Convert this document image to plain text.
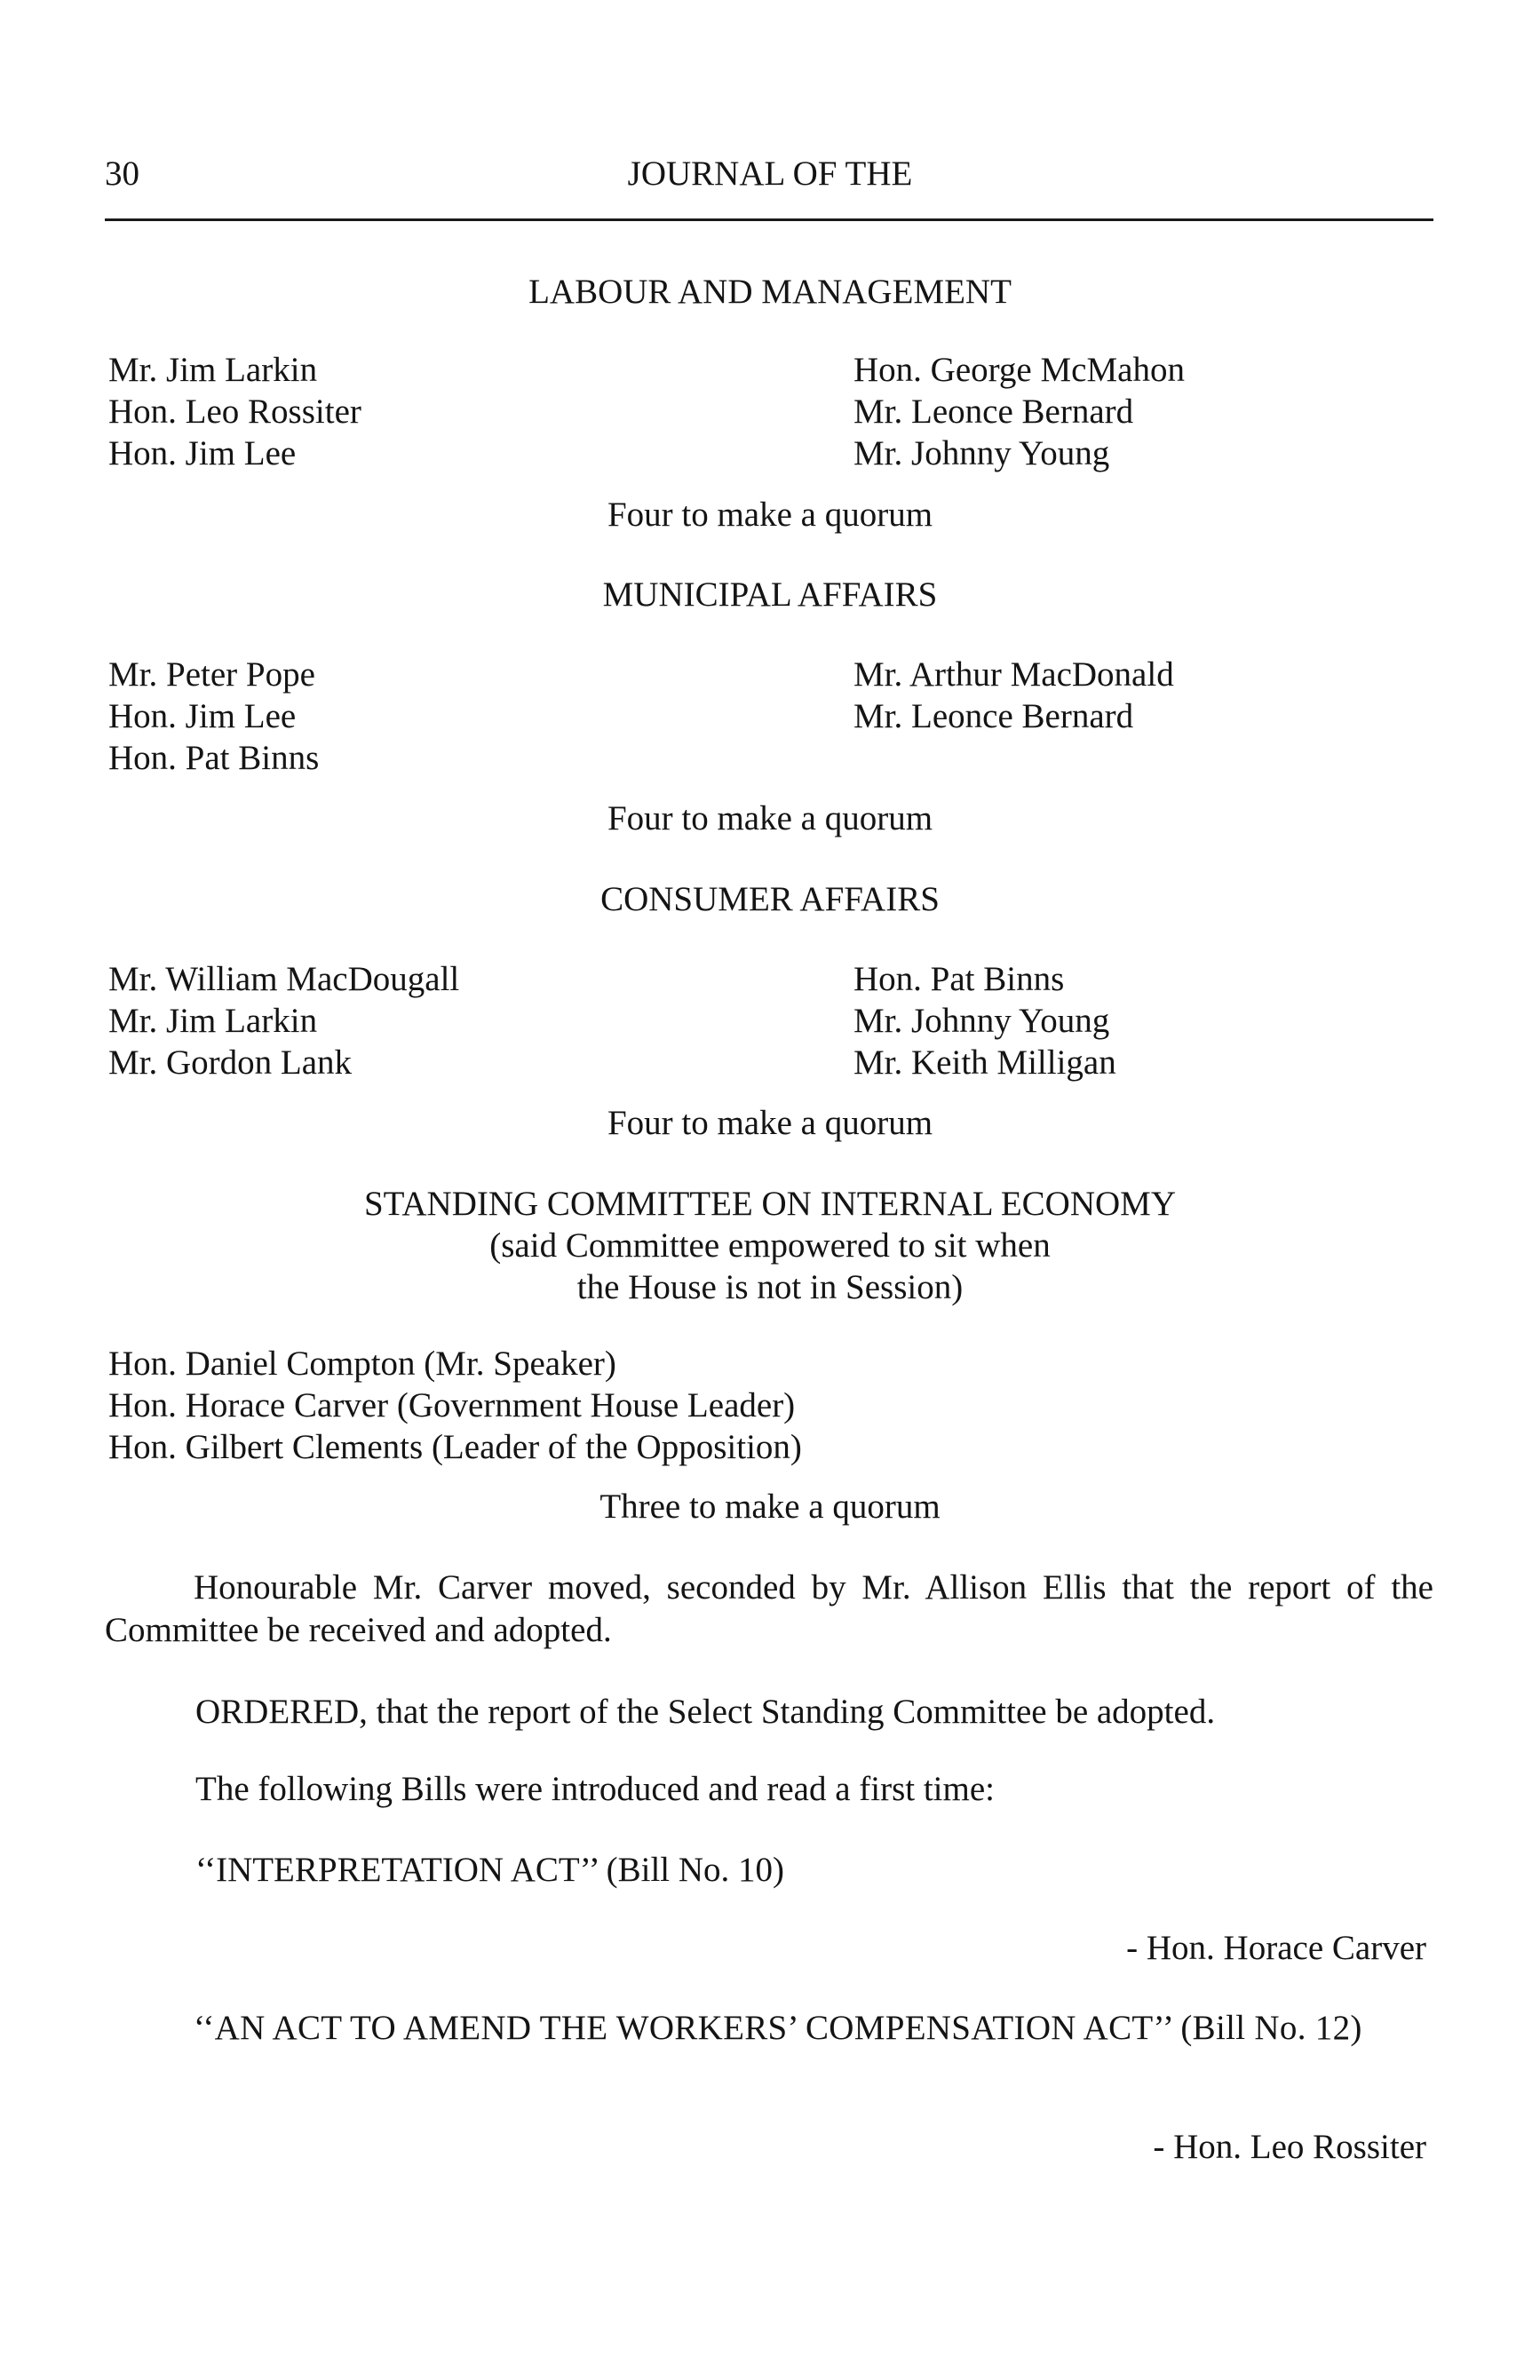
30	JOURNAL OF THE
LABOUR AND MANAGEMENT
Mr. Jim Larkin
Hon. Leo Rossiter
Hon. Jim Lee
Hon. George McMahon
Mr. Leonce Bernard
Mr. Johnny Young
Four to make a quorum
MUNICIPAL AFFAIRS
Mr. Peter Pope
Hon. Jim Lee
Hon. Pat Binns
Mr. Arthur MacDonald
Mr. Leonce Bernard
Four to make a quorum
CONSUMER AFFAIRS
Mr. William MacDougall
Mr. Jim Larkin
Mr. Gordon Lank
Hon. Pat Binns
Mr. Johnny Young
Mr. Keith Milligan
Four to make a quorum
STANDING COMMITTEE ON INTERNAL ECONOMY
(said Committee empowered to sit when
the House is not in Session)
Hon. Daniel Compton (Mr. Speaker)
Hon. Horace Carver (Government House Leader)
Hon. Gilbert Clements (Leader of the Opposition)
Three to make a quorum
Honourable Mr. Carver moved, seconded by Mr. Allison Ellis that the report of the Committee be received and adopted.
ORDERED, that the report of the Select Standing Committee be adopted.
The following Bills were introduced and read a first time:
‘‘INTERPRETATION ACT’’ (Bill No. 10)
- Hon. Horace Carver
‘‘AN ACT TO AMEND THE WORKERS’ COMPENSATION ACT’’ (Bill No. 12)
- Hon. Leo Rossiter
